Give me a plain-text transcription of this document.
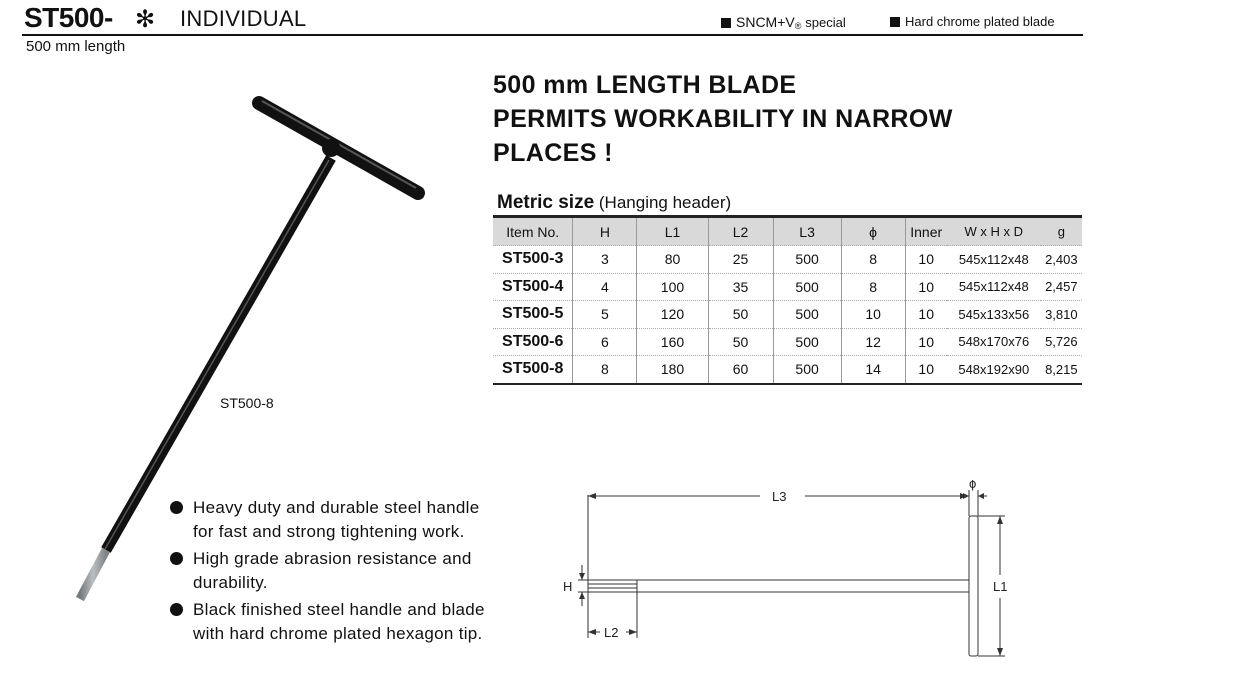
ST500- ✻ INDIVIDUAL
500 mm length
SNCM+V® special	Hard chrome plated blade
500 mm LENGTH BLADE
PERMITS WORKABILITY IN NARROW
PLACES !
Metric size (Hanging header)
Item No.	H	L1	L2	L3	ϕ	Inner	W x H x D	g
ST500-3	3	80	25	500	8	10	545x112x48	2,403
ST500-4	4	100	35	500	8	10	545x112x48	2,457
ST500-5	5	120	50	500	10	10	545x133x56	3,810
ST500-6	6	160	50	500	12	10	548x170x76	5,726
ST500-8	8	180	60	500	14	10	548x192x90	8,215
ST500-8
Heavy duty and durable steel handle
for fast and strong tightening work.
High grade abrasion resistance and
durability.
Black finished steel handle and blade
with hard chrome plated hexagon tip.
L3
ϕ
H	L1
L2
